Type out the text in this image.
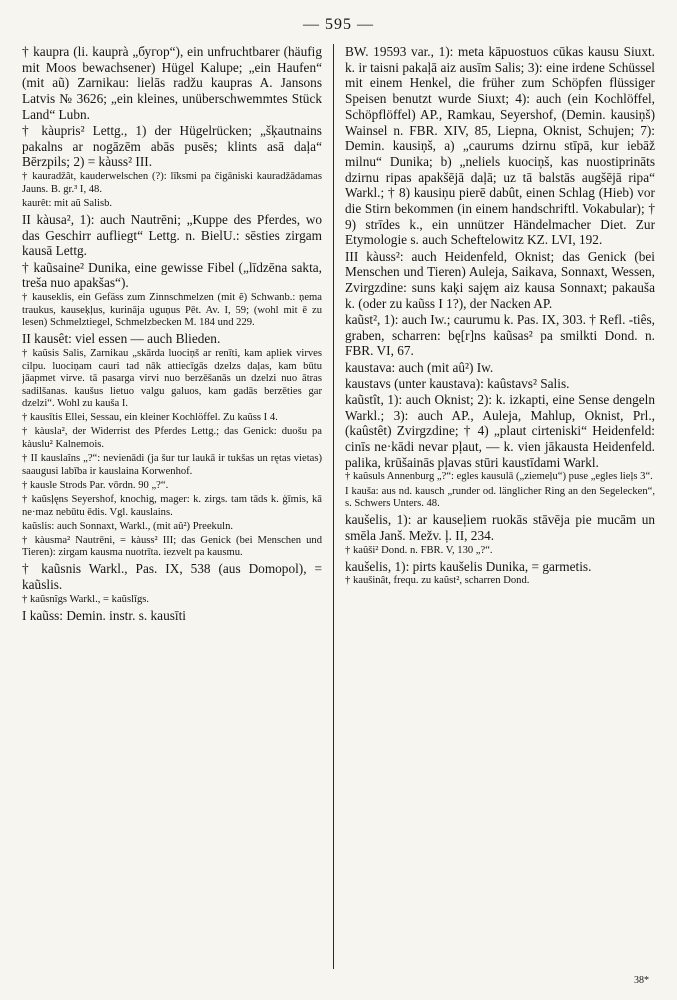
— 595 —

† kaupra (li. kauprà „бугор“), ein unfruchtbarer (häufig mit Moos bewachsener) Hügel Kalupe; „ein Haufen“ (mit aũ) Zarnikau: lielās radžu kaupras A. Jansons Latvis № 3626; „ein kleines, unüberschwemmtes Stück Land“ Lubn.

† kàupris² Lettg., 1) der Hügelrücken; „šķautnains pakalns ar nogāzēm abās pusēs; klints asā daļa“ Bērzpils; 2) = kàuss² III.

† kauradžât, kauderwelschen (?): līksmi pa čigāniski kauradžādamas Jauns. B. gr.³ I, 48.

kaurêt: mit aũ Salisb.

II kàusa², 1): auch Nautrēni; „Kuppe des Pferdes, wo das Geschirr aufliegt“ Lettg. n. BielU.: sēsties zirgam kausā Lettg.

† kaũsaine² Dunika, eine gewisse Fibel („līdzēna sakta, treša nuo apakšas“).

† kauseklis, ein Gefäss zum Zinnschmelzen (mit ẽ) Schwanb.: ņema traukus, kauseķļus, kurināja uguņus Pēt. Av. I, 59; (wohl mit ē zu lesen) Schmelztiegel, Schmelzbecken M. 184 und 229.

II kausêt: viel essen — auch Blieden.

† kaũsis Salis, Zarnikau „skārda luociņš ar renīti, kam apliek virves cilpu. luociņam cauri tad nāk attiecīgās dzelzs daļas, kam būtu jāapmet virve. tā pasarga virvi nuo berzēšanās un dzelzi nuo ātras sadilšanas. kaušus lietuo valgu galuos, kam gadās berzēties gar dzelzi“. Wohl zu kauša I.

† kausītis Ellei, Sessau, ein kleiner Kochlöffel. Zu kaũss I 4.

† kàusla², der Widerrist des Pferdes Lettg.; das Genick: duošu pa kàuslu² Kalnemois.

† II kauslaîns „?“: nevienādi (ja šur tur laukā ir tukšas un rętas vietas) saaugusi labība ir kauslaina Korwenhof.

† kausle Strods Par. vōrdn. 90 „?“.

† kaũsļęns Seyershof, knochig, mager: k. zirgs. tam tāds k. ģīmis, kā ne·maz nebūtu ēdis. Vgl. kauslains.

kaũslis: auch Sonnaxt, Warkl., (mit aû²) Preekuln.

† kàusma² Nautrēni, = kàuss² III; das Genick (bei Menschen und Tieren): zirgam kausma nuotrīta. iezvelt pa kausmu.

† kaũsnis Warkl., Pas. IX, 538 (aus Domopol), = kaũslis.

† kaũsnîgs Warkl., = kaũslīgs.

I kaũss: Demin. instr. s. kausīti

BW. 19593 var., 1): meta kāpuostuos cūkas kausu Siuxt. k. ir taisni pakaļā aiz ausīm Salis; 3): eine irdene Schüssel mit einem Henkel, die früher zum Schöpfen flüssiger Speisen benutzt wurde Siuxt; 4): auch (ein Kochlöffel, Schöpflöffel) AP., Ramkau, Seyershof, (Demin. kausiņš) Wainsel n. FBR. XIV, 85, Liepna, Oknist, Schujen; 7): Demin. kausiņš, a) „caurums dzirnu stīpā, kur iebāž milnu“ Dunika; b) „neliels kuociņš, kas nuostiprināts dzirnu ripas apakšējā daļā; uz tā balstās augšējā ripa“ Warkl.; † 8) kausiņu pierē dabût, einen Schlag (Hieb) vor die Stirn bekommen (in einem handschriftl. Vokabular); † 9) strīdes k., ein unnützer Händelmacher Diet. Zur Etymologie s. auch Scheftelowitz KZ. LVI, 192.

III kàuss²: auch Heidenfeld, Oknist; das Genick (bei Menschen und Tieren) Auleja, Saikava, Sonnaxt, Wessen, Zvirgzdine: suns kaķi sajęm aiz kausa Sonnaxt; pakauša k. (oder zu kaũss I 1?), der Nacken AP.

kaũst², 1): auch Iw.; caurumu k. Pas. IX, 303. † Refl. -tiês, graben, scharren: bę[r]ns kaũsas² pa smilkti Dond. n. FBR. VI, 67.

kaustava: auch (mit aû²) Iw.

kaustavs (unter kaustava): kaûstavs² Salis.

kaũstît, 1): auch Oknist; 2): k. izkapti, eine Sense dengeln Warkl.; 3): auch AP., Auleja, Mahlup, Oknist, Prl., (kaûstêt) Zvirgzdine; † 4) „plaut cirteniski“ Heidenfeld: cinīs ne·kādi nevar pļaut, — k. vien jākausta Heidenfeld. palika, krūšainās pļavas stūri kaustīdami Warkl.

† kaũsuls Annenburg „?“: egles kausulā („ziemeļu“) puse „egles lieļs 3“.

I kauša: aus nd. kausch „runder od. länglicher Ring an den Segelecken“, s. Schwers Unters. 48.

kaušelis, 1): ar kauseļiem ruokās stāvēja pie mucām un smēla Janš. Mežv. ļ. II, 234.

† kaûši² Dond. n. FBR. V, 130 „?“.

kaušelis, 1): pirts kaušelis Dunika, = garmetis.

† kaušinât, frequ. zu kaũst², scharren Dond.

38*
